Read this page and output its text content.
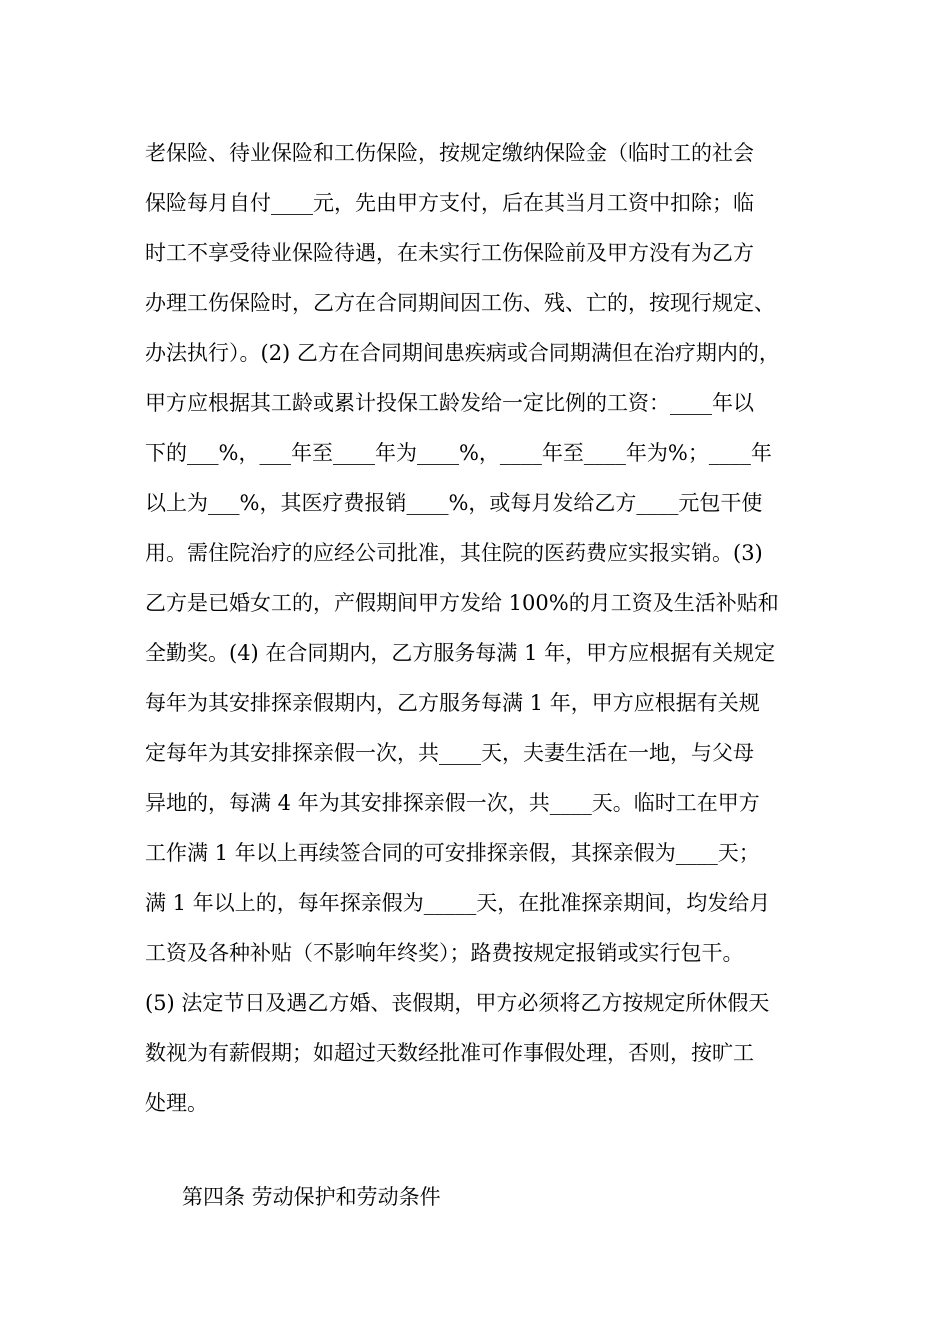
老保险、待业保险和工伤保险，按规定缴纳保险金（临时工的社会
保险每月自付____元，先由甲方支付，后在其当月工资中扣除；临
时工不享受待业保险待遇，在未实行工伤保险前及甲方没有为乙方
办理工伤保险时，乙方在合同期间因工伤、残、亡的，按现行规定、
办法执行）。(2) 乙方在合同期间患疾病或合同期满但在治疗期内的，
甲方应根据其工龄或累计投保工龄发给一定比例的工资：____年以
下的___%，___年至____年为____%，____年至____年为%；____年
以上为___%，其医疗费报销____%，或每月发给乙方____元包干使
用。需住院治疗的应经公司批准，其住院的医药费应实报实销。(3)
乙方是已婚女工的，产假期间甲方发给 100%的月工资及生活补贴和
全勤奖。(4) 在合同期内，乙方服务每满 1 年，甲方应根据有关规定
每年为其安排探亲假期内，乙方服务每满 1 年，甲方应根据有关规
定每年为其安排探亲假一次，共____天，夫妻生活在一地，与父母
异地的，每满 4 年为其安排探亲假一次，共____天。临时工在甲方
工作满 1 年以上再续签合同的可安排探亲假，其探亲假为____天；
满 1 年以上的，每年探亲假为_____天，在批准探亲期间，均发给月
工资及各种补贴（不影响年终奖）；路费按规定报销或实行包干。
(5) 法定节日及遇乙方婚、丧假期，甲方必须将乙方按规定所休假天
数视为有薪假期；如超过天数经批准可作事假处理，否则，按旷工
处理。
第四条 劳动保护和劳动条件
